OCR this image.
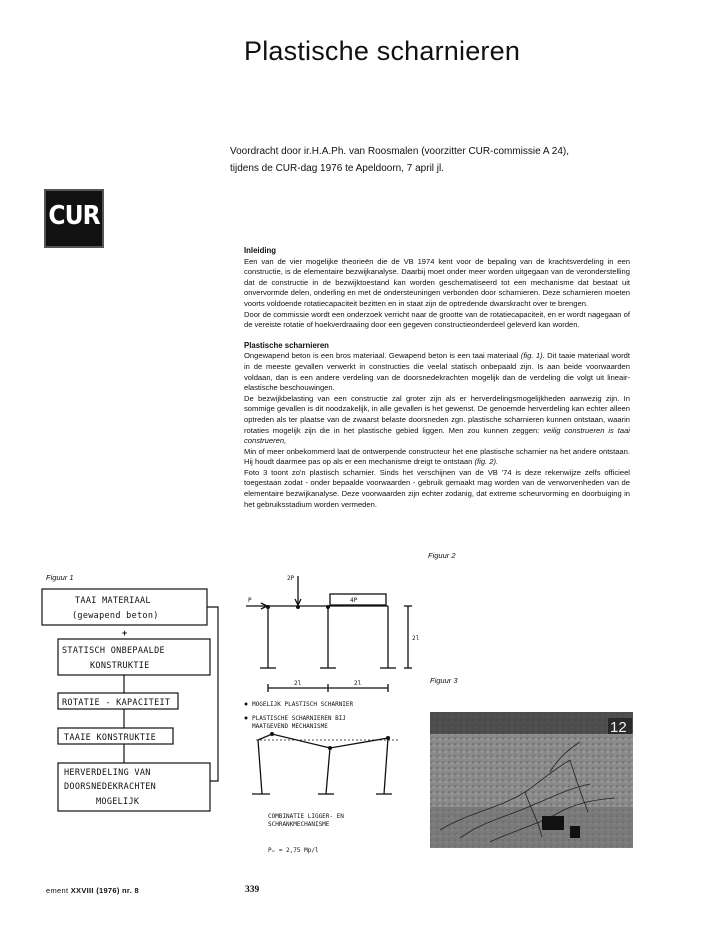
Plastische scharnieren
Voordracht door ir.H.A.Ph. van Roosmalen (voorzitter CUR-commissie A 24),
tijdens de CUR-dag 1976 te Apeldoorn, 7 april jl.
CUR
Inleiding

Een van de vier mogelijke theorieën die de VB 1974 kent voor de bepaling van de krachtsverdeling in een constructie, is de elementaire bezwijkanalyse. Daarbij moet onder meer worden uitgegaan van de veronderstelling dat de constructie in de bezwijktoestand kan worden geschematiseerd tot een mechanisme dat bestaat uit onvervormde delen, onderling en met de ondersteuningen verbonden door scharnieren. Deze scharnieren moeten voorts voldoende rotatiecapaciteit bezitten en in staat zijn de optredende dwarskracht over te brengen.

Door de commissie wordt een onderzoek verricht naar de grootte van de rotatiecapaciteit, en er wordt nagegaan of de vereiste rotatie of hoekverdraaiing door een gegeven constructieonderdeel geleverd kan worden.

Plastische scharnieren

Ongewapend beton is een bros materiaal. Gewapend beton is een taai materiaal (fig. 1). Dit taaie materiaal wordt in de meeste gevallen verwerkt in constructies die veelal statisch onbepaald zijn. Is aan beide voorwaarden voldaan, dan is een andere verdeling van de doorsnedekrachten mogelijk dan de verdeling die volgt uit lineair-elastische beschouwingen.

De bezwijkbelasting van een constructie zal groter zijn als er herverdelingsmogelijkheden aanwezig zijn. In sommige gevallen is dit noodzakelijk, in alle gevallen is het gewenst. De genoemde herverdeling kan echter alleen optreden als ter plaatse van de zwaarst belaste doorsneden zgn. plastische scharnieren kunnen ontstaan, waarin rotaties mogelijk zijn die in het plastische gebied liggen. Men zou kunnen zeggen: veilig construeren is taai construeren,

Min of meer onbekommerd laat de ontwerpende constructeur het ene plastische scharnier na het andere ontstaan. Hij houdt daarmee pas op als er een mechanisme dreigt te ontstaan (fig. 2).

Foto 3 toont zo'n plastisch scharnier. Sinds het verschijnen van de VB '74 is deze rekenwijze zelfs officieel toegestaan zodat - onder bepaalde voorwaarden - gebruik gemaakt mag worden van de verworvenheden van de elementaire bezwijkanalyse. Deze voorwaarden zijn echter zodanig, dat extreme scheurvorming en doorbuiging in het gebruiksstadium worden vermeden.

Figuur 2
Figuur 1
Figuur 3
TAAI MATERIAAL
(gewapend beton)
+
STATISCH ONBEPAALDE
KONSTRUKTIE
ROTATIE - KAPACITEIT
TAAIE KONSTRUKTIE
HERVERDELING VAN
DOORSNEDEKRACHTEN
MOGELIJK
2P
4P
P
2l
2l	2l
MOGELIJK PLASTISCH SCHARNIER
PLASTISCHE SCHARNIEREN BIJ
MAATGEVEND MECHANISME
COMBINATIE LIGGER- EN
SCHRANKMECHANISME
Pᵤ = 2,75 Mp/l
12
ement XXVIII (1976) nr. 8	339
